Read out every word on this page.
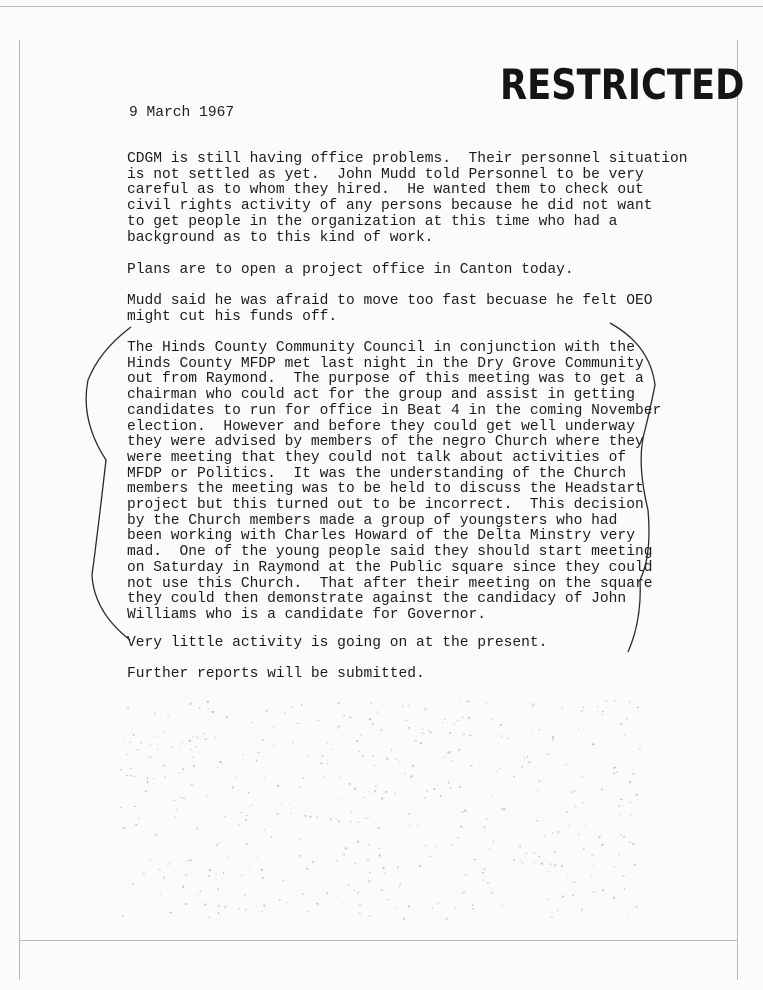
RESTRICTED
9 March 1967
CDGM is still having office problems.  Their personnel situation
is not settled as yet.  John Mudd told Personnel to be very
careful as to whom they hired.  He wanted them to check out
civil rights activity of any persons because he did not want
to get people in the organization at this time who had a
background as to this kind of work.
Plans are to open a project office in Canton today.
Mudd said he was afraid to move too fast becuase he felt OEO
might cut his funds off.
The Hinds County Community Council in conjunction with the
Hinds County MFDP met last night in the Dry Grove Community
out from Raymond.  The purpose of this meeting was to get a
chairman who could act for the group and assist in getting
candidates to run for office in Beat 4 in the coming November
election.  However and before they could get well underway
they were advised by members of the negro Church where they
were meeting that they could not talk about activities of
MFDP or Politics.  It was the understanding of the Church
members the meeting was to be held to discuss the Headstart
project but this turned out to be incorrect.  This decision
by the Church members made a group of youngsters who had
been working with Charles Howard of the Delta Minstry very
mad.  One of the young people said they should start meeting
on Saturday in Raymond at the Public square since they could
not use this Church.  That after their meeting on the square
they could then demonstrate against the candidacy of John
Williams who is a candidate for Governor.
Very little activity is going on at the present.
Further reports will be submitted.
